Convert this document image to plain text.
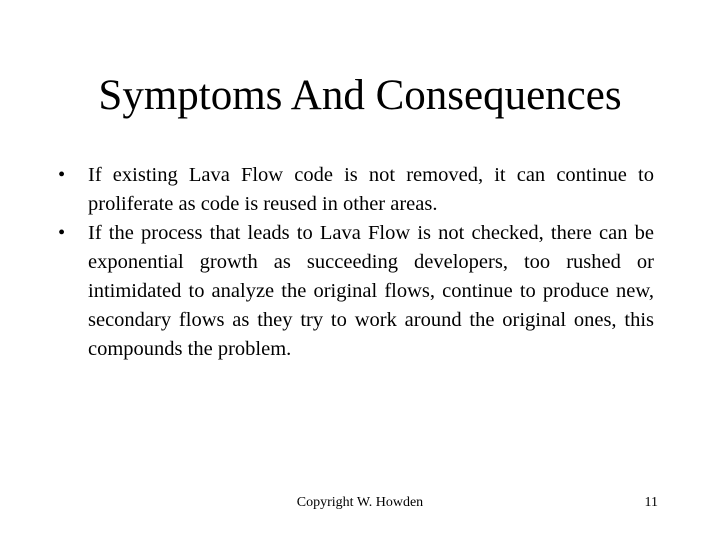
Symptoms And Consequences
•	If existing Lava Flow code is not removed, it can continue to proliferate as code is reused in other areas.
•	If the process that leads to Lava Flow is not checked, there can be exponential growth as succeeding developers, too rushed or intimidated to analyze the original flows, continue to produce new, secondary flows as they try to work around the original ones, this compounds the problem.
Copyright W. Howden	11
